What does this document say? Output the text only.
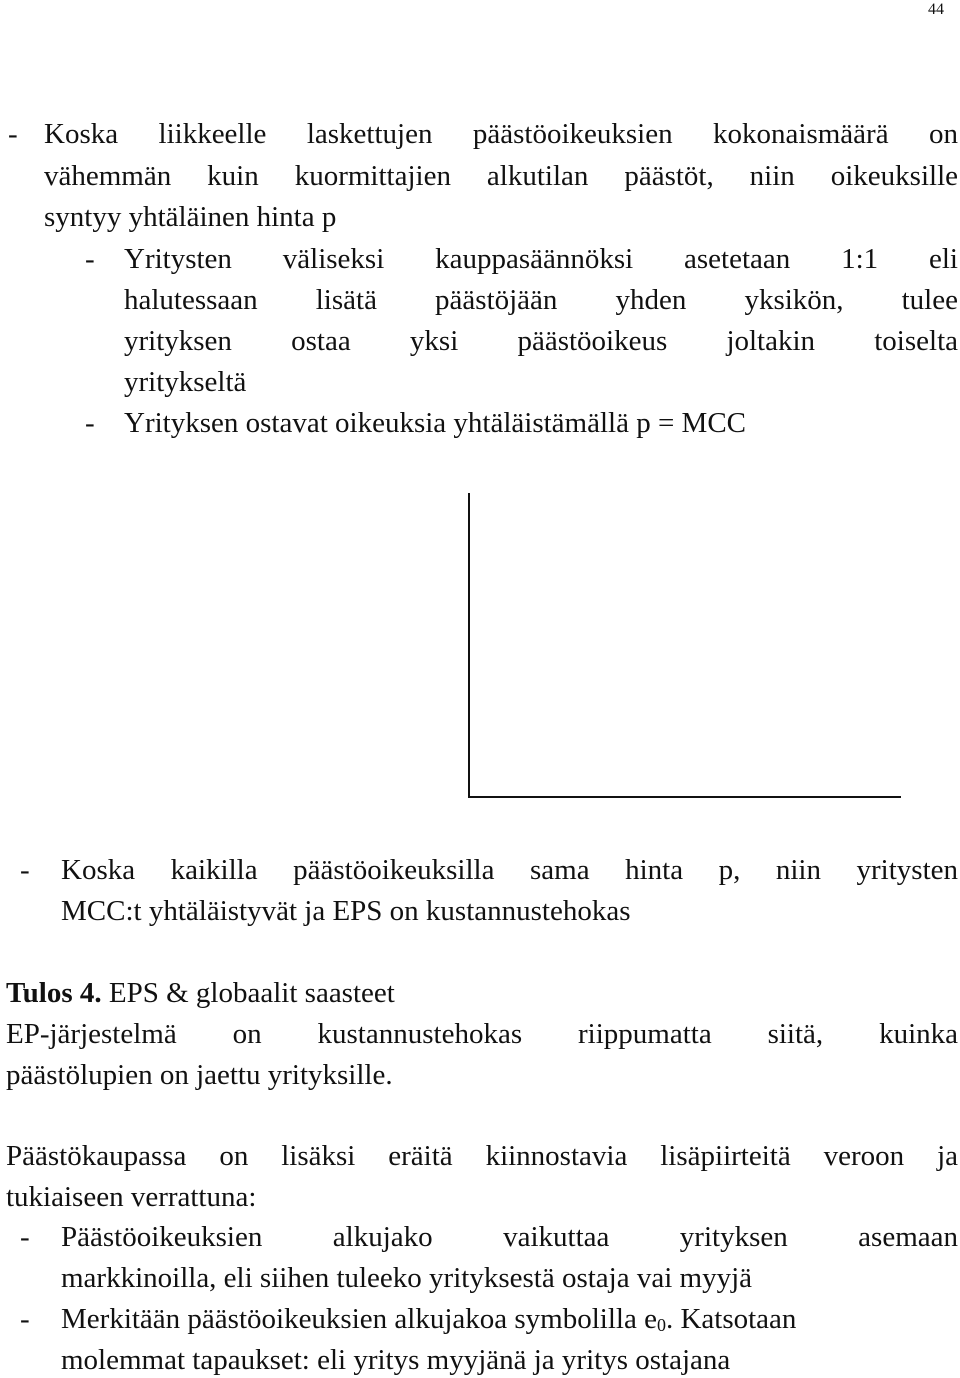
44
- Koska liikkeelle laskettujen päästöoikeuksien kokonaismäärä on
vähemmän kuin kuormittajien alkutilan päästöt, niin oikeuksille
syntyy yhtäläinen hinta p
- Yritysten väliseksi kauppasäännöksi asetetaan 1:1 eli
halutessaan lisätä päästöjään yhden yksikön, tulee
yrityksen ostaa yksi päästöoikeus joltakin toiselta
yritykseltä
- Yrityksen ostavat oikeuksia yhtäläistämällä p = MCC
- Koska kaikilla päästöoikeuksilla sama hinta p, niin yritysten
MCC:t yhtäläistyvät ja EPS on kustannustehokas
Tulos 4. EPS & globaalit saasteet
EP-järjestelmä on kustannustehokas riippumatta siitä, kuinka
päästölupien on jaettu yrityksille.
Päästökaupassa on lisäksi eräitä kiinnostavia lisäpiirteitä veroon ja
tukiaiseen verrattuna:
- Päästöoikeuksien alkujako vaikuttaa yrityksen asemaan
markkinoilla, eli siihen tuleeko yrityksestä ostaja vai myyjä
- Merkitään päästöoikeuksien alkujakoa symbolilla $e_0$. Katsotaan
molemmat tapaukset: eli yritys myyjänä ja yritys ostajana
